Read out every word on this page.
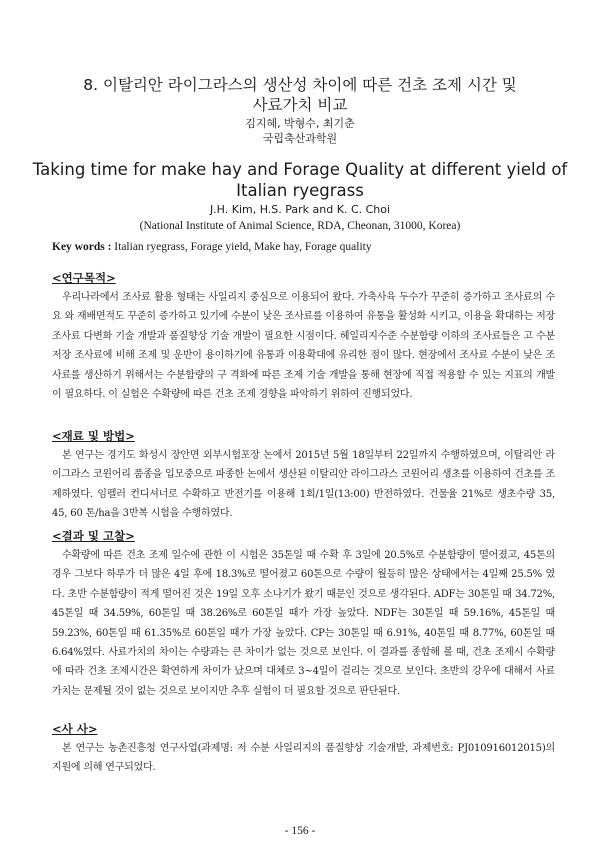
8. 이탈리안 라이그라스의 생산성 차이에 따른 건초 조제 시간 및

사료가치 비교

김지혜, 박형수, 최기춘

국립축산과학원

Taking time for make hay and Forage Quality at different yield of

Italian ryegrass

J.H. Kim, H.S. Park and K. C. Choi

(National Institute of Animal Science, RDA, Cheonan, 31000, Korea)

Key words : Italian ryegrass, Forage yield, Make hay, Forage quality

<연구목적>

우리나라에서 조사료 활용 형태는 사일리지 중심으로 이용되어 왔다. 가축사육 두수가 꾸준히 증가하고 조사료의 수요 와 재배면적도 꾸준히 증가하고 있기에 수분이 낮은 조사료를 이용하여 유통을 활성화 시키고, 이용을 확대하는 저장 조사료 다변화 기술 개발과 품질향상 기술 개발이 필요한 시점이다. 헤일리지수준 수분함량 이하의 조사료들은 고 수분 저장 조사료에 비해 조제 및 운반이 용이하기에 유통과 이용확대에 유리한 점이 많다. 현장에서 조사료 수분이 낮은 조사료를 생산하기 위해서는 수분함량의 구 격화에 따른 조제 기술 개발을 통해 현장에 직접 적용할 수 있는 지표의 개발이 필요하다. 이 실험은 수확량에 따른 건초 조제 경향을 파악하기 위하여 진행되었다.

<재료 및 방법>

본 연구는 경기도 화성시 장안면 외부시험포장 논에서 2015년 5월 18일부터 22일까지 수행하였으며, 이탈리안 라이그라스 코윈어리 품종을 입모중으로 파종한 논에서 생산된 이탈리안 라이그라스 코윈어리 생초를 이용하여 건초를 조제하였다. 임펠러 컨디셔너로 수확하고 반전기를 이용해 1회/1일(13:00) 반전하였다. 건물율 21%로 생초수량 35, 45, 60 톤/ha을 3반복 시험을 수행하였다.

<결과 및 고찰>

수확량에 따른 건초 조제 일수에 관한 이 시험은 35톤일 때 수확 후 3일에 20.5%로 수분함량이 떨어졌고, 45톤의 경우 그보다 하루가 더 많은 4일 후에 18.3%로 떨어졌고 60톤으로 수량이 월등히 많은 상태에서는 4일째 25.5% 였다. 초반 수분함량이 적게 떨어진 것은 19일 오후 소나기가 왔기 때문인 것으로 생각된다. ADF는 30톤일 때 34.72%, 45톤일 때 34.59%, 60톤일 때 38.26%로 60톤일 때가 가장 높았다. NDF는 30톤일 때 59.16%, 45톤일 때 59.23%, 60톤일 때 61.35%로 60톤일 때가 가장 높았다. CP는 30톤일 때 6.91%, 40톤일 때 8.77%, 60톤일 때 6.64%였다. 사료가치의 차이는 수량과는 큰 차이가 없는 것으로 보인다. 이 결과를 종합해 볼 때, 건초 조제시 수확량에 따라 건초 조제시간은 확연하게 차이가 났으며 대체로 3~4일이 걸리는 것으로 보인다. 초반의 강우에 대해서 사료가치는 문제될 것이 없는 것으로 보이지만 추후 실험이 더 필요할 것으로 판단된다.

<사 사>

본 연구는 농촌진흥청 연구사업(과제명: 저 수분 사일리지의 품질향상 기술개발, 과제번호: PJ010916012015)의 지원에 의해 연구되었다.

- 156 -
